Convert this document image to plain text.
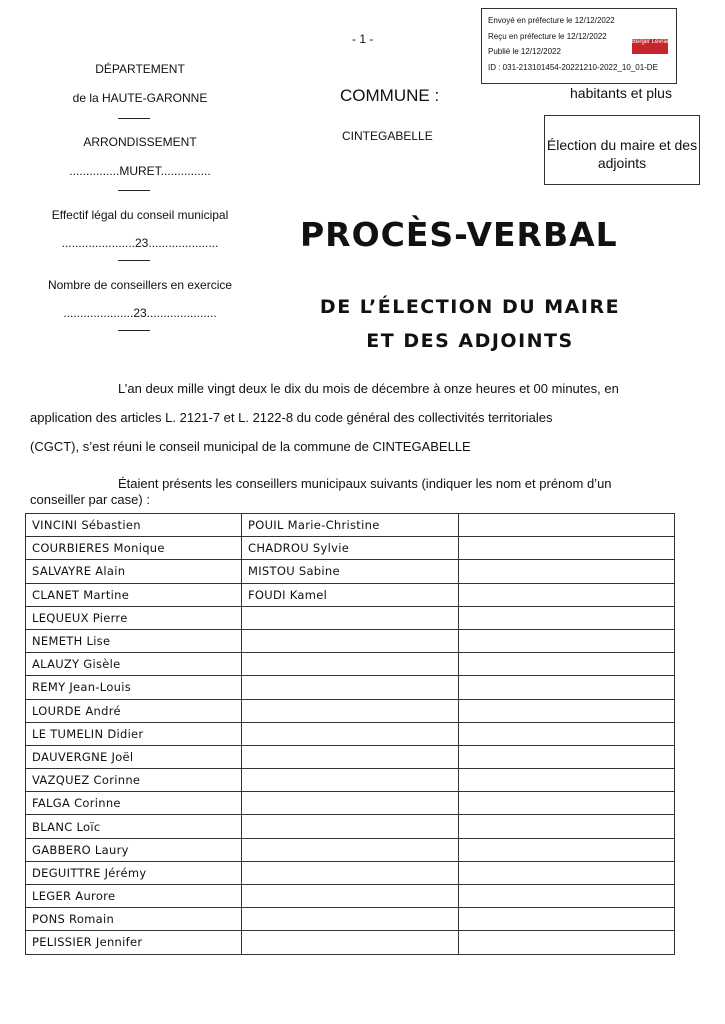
- 1 -
Envoyé en préfecture le 12/12/2022
Reçu en préfecture le 12/12/2022
Publié le 12/12/2022
ID : 031-213101454-20221210-2022_10_01-DE
Berger Levrault
DÉPARTEMENT
de la HAUTE-GARONNE
ARRONDISSEMENT
...............MURET...............
Effectif légal du conseil municipal
......................23.....................
Nombre de conseillers en exercice
.....................23.....................
COMMUNE :
CINTEGABELLE
habitants et plus
Élection du maire et des adjoints
PROCÈS-VERBAL
DE L’ÉLECTION DU MAIRE
ET DES ADJOINTS
L’an deux mille vingt deux le dix du mois de décembre à onze heures et 00 minutes, en
application des articles L. 2121-7 et L. 2122-8 du code général des collectivités territoriales
(CGCT), s’est réuni le conseil municipal de la commune de CINTEGABELLE
Étaient présents les conseillers municipaux suivants (indiquer les nom et prénom d’un
conseiller par case) :
VINCINI Sébastien	POUIL Marie-Christine	
COURBIERES Monique	CHADROU Sylvie	
SALVAYRE Alain	MISTOU Sabine	
CLANET Martine	FOUDI Kamel	
LEQUEUX Pierre		
NEMETH Lise		
ALAUZY Gisèle		
REMY Jean-Louis		
LOURDE André		
LE TUMELIN Didier		
DAUVERGNE Joël		
VAZQUEZ Corinne		
FALGA Corinne		
BLANC Loïc		
GABBERO Laury		
DEGUITTRE Jérémy		
LEGER Aurore		
PONS Romain		
PELISSIER Jennifer		
